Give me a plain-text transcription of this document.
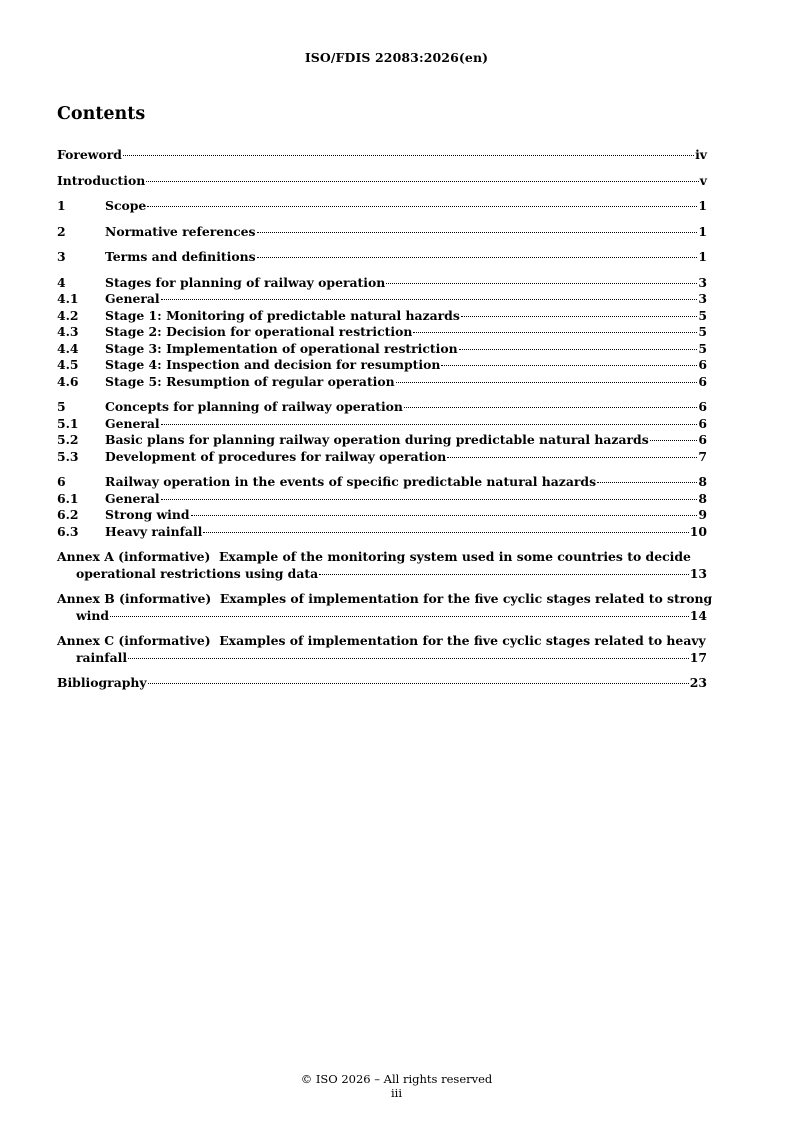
ISO/FDIS 22083:2026(en)
Contents
Foreword	iv
Introduction	v
1	Scope	1
2	Normative references	1
3	Terms and definitions	1
4	Stages for planning of railway operation	3
4.1	General	3
4.2	Stage 1: Monitoring of predictable natural hazards	5
4.3	Stage 2: Decision for operational restriction	5
4.4	Stage 3: Implementation of operational restriction	5
4.5	Stage 4: Inspection and decision for resumption	6
4.6	Stage 5: Resumption of regular operation	6
5	Concepts for planning of railway operation	6
5.1	General	6
5.2	Basic plans for planning railway operation during predictable natural hazards	6
5.3	Development of procedures for railway operation	7
6	Railway operation in the events of specific predictable natural hazards	8
6.1	General	8
6.2	Strong wind	9
6.3	Heavy rainfall	10
Annex A (informative)  Example of the monitoring system used in some countries to decide
operational restrictions using data	13
Annex B (informative)  Examples of implementation for the five cyclic stages related to strong
wind	14
Annex C (informative)  Examples of implementation for the five cyclic stages related to heavy
rainfall	17
Bibliography	23
© ISO 2026 – All rights reserved
iii
